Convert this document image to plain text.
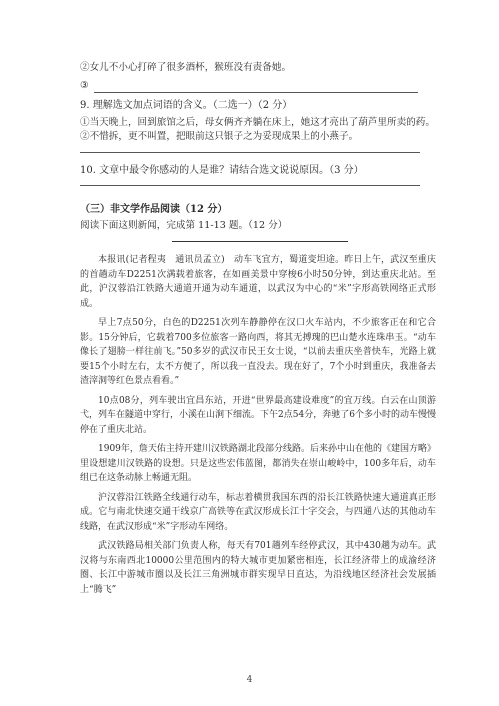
②女儿不小心打碎了很多酒杯，猴班没有责备她。
③
9. 理解选文加点词语的含义。（二选一）（2 分）
①当天晚上，回到旅馆之后，母女俩齐齐躺在床上，她这才亮出了葫芦里所卖的药。
②不惜拆，更不叫置，把眼前这只银子之为妥现成果上的小燕子。
10. 文章中最令你感动的人是谁？请结合选文说说原因。（3 分）
（三）非文学作品阅读（12 分）
阅读下面这则新闻，完成第 11-13 题。（12 分）

本报讯(记者程夷　通讯员孟立)　动车飞宜方，蜀道变坦途。昨日上午，武汉至重庆的首趟动车D2251次满载着旅客，在如画美景中穿梭6小时50分钟，到达重庆北站。至此，沪汉蓉沿江铁路大通道开通为动车通道，以武汉为中心的“米”字形高铁网络正式形成。

早上7点50分，白色的D2251次列车静静停在汉口火车站内，不少旅客正在和它合影。15分钟后，它载着700多位旅客一路向西，将其无搏瑰的巴山楚水连珠串玉。“动车像长了翅膀一样往前飞。”50多岁的武汉市民王女士说，“以前去重庆坐普快车，光路上就要15个小时左右，太不方便了，所以我一直没去。现在好了，7个小时到重庆，我准备去渣滓洞等红色景点看看。”

10点08分，列车驶出宜昌东站，开进“世界最高建设难度”的宜万线。白云在山顶游弋，列车在隧道中穿行，小溪在山涧下细流。下午2点54分，奔驰了6个多小时的动车慢慢停在了重庆北站。

1909年，詹天佑主持开建川汉铁路湖北段部分线路。后来孙中山在他的《建国方略》里设想建川汉铁路的设想。只是这些宏伟蓝图，都消失在崇山峻岭中，100多年后，动车组已在这条动脉上畅通无阻。

沪汉蓉沿江铁路全线通行动车，标志着横贯我国东西的沿长江铁路快速大通道真正形成。它与南北快速交通干线京广高铁等在武汉形成长江十字交会，与四通八达的其他动车线路，在武汉形成“米”字形动车网络。

武汉铁路局相关部门负责人称，每天有701趟列车经停武汉，其中430趟为动车。武汉将与东南西北10000公里范围内的特大城市更加紧密相连，长江经济带上的成渝经济圈、长江中游城市圈以及长江三角洲城市群实现早日直达，为沿线地区经济社会发展插上“腾飞”

4
